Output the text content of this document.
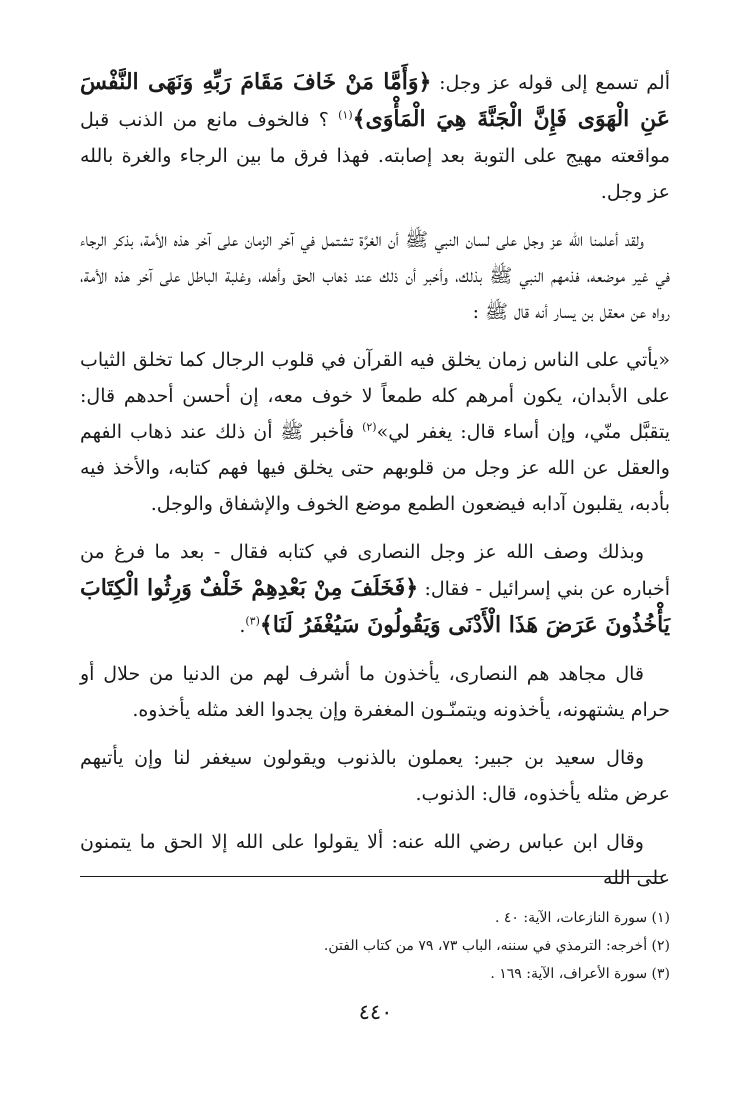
ألم تسمع إلى قوله عز وجل: ﴿وَأَمَّا مَنْ خَافَ مَقَامَ رَبِّهِ وَنَهَى النَّفْسَ عَنِ الْهَوَى فَإِنَّ الْجَنَّةَ هِيَ الْمَأْوَى﴾$^{(١)}$ ؟ فالخوف مانع من الذنب قبل مواقعته مهيج على التوبة بعد إصابته. فهذا فرق ما بين الرجاء والغرة بالله عز وجل.

ولقد أعلمنا الله عز وجل على لسان النبي ﷺ أن الغرَّة تشتمل في آخر الزمان على آخر هذه الأمة، بذكر الرجاء في غير موضعه، فذمهم النبي ﷺ بذلك، وأخبر أن ذلك عند ذهاب الحق وأهله، وغلبة الباطل على آخر هذه الأمة، رواه عن معقل بن يسار أنه قال ﷺ :

«يأتي على الناس زمان يخلق فيه القرآن في قلوب الرجال كما تخلق الثياب على الأبدان، يكون أمرهم كله طمعاً لا خوف معه، إن أحسن أحدهم قال: يتقبَّل منّي، وإن أساء قال: يغفر لي»$^{(٢)}$ فأخبر ﷺ أن ذلك عند ذهاب الفهم والعقل عن الله عز وجل من قلوبهم حتى يخلق فيها فهم كتابه، والأخذ فيه بأدبه، يقلبون آدابه فيضعون الطمع موضع الخوف والإشفاق والوجل.

وبذلك وصف الله عز وجل النصارى في كتابه فقال - بعد ما فرغ من أخباره عن بني إسرائيل - فقال: ﴿فَخَلَفَ مِنْ بَعْدِهِمْ خَلْفٌ وَرِثُوا الْكِتَابَ يَأْخُذُونَ عَرَضَ هَذَا الْأَدْنَى وَيَقُولُونَ سَيُغْفَرُ لَنَا﴾$^{(٣)}$.

قال مجاهد هم النصارى، يأخذون ما أشرف لهم من الدنيا من حلال أو حرام يشتهونه، يأخذونه ويتمنّـون المغفرة وإن يجدوا الغد مثله يأخذوه.

وقال سعيد بن جبير: يعملون بالذنوب ويقولون سيغفر لنا وإن يأتيهم عرض مثله يأخذوه، قال: الذنوب.

وقال ابن عباس رضي الله عنه: ألا يقولوا على الله إلا الحق ما يتمنون على الله

(١) سورة النازعات، الآية: ٤٠ .

(٢) أخرجه: الترمذي في سننه، الباب ٧٣، ٧٩ من كتاب الفتن.

(٣) سورة الأعراف، الآية: ١٦٩ .

٤٤٠
